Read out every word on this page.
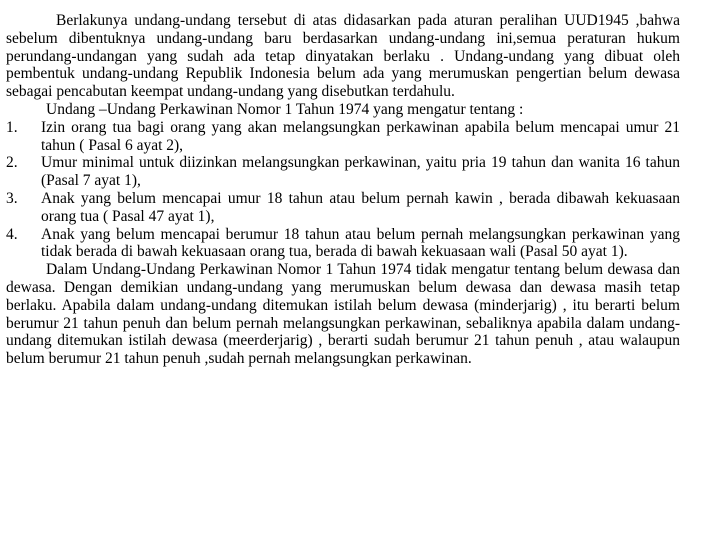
Berlakunya undang-undang tersebut di atas didasarkan pada aturan peralihan UUD1945 ,bahwa sebelum dibentuknya undang-undang baru berdasarkan undang-undang ini,semua peraturan hukum perundang-undangan yang sudah ada tetap dinyatakan berlaku . Undang-undang yang dibuat oleh pembentuk undang-undang Republik Indonesia belum ada yang merumuskan pengertian belum dewasa sebagai pencabutan keempat undang-undang yang disebutkan terdahulu.

Undang –Undang Perkawinan Nomor 1 Tahun 1974 yang mengatur tentang :

1. Izin orang tua bagi orang yang akan melangsungkan perkawinan apabila belum mencapai umur 21 tahun ( Pasal 6 ayat 2),
2. Umur minimal untuk diizinkan melangsungkan perkawinan, yaitu pria 19 tahun dan wanita 16 tahun (Pasal 7 ayat 1),
3. Anak yang belum mencapai umur 18 tahun atau belum pernah kawin , berada dibawah kekuasaan orang tua ( Pasal 47 ayat 1),
4. Anak yang belum mencapai berumur 18 tahun atau belum pernah melangsungkan perkawinan yang tidak berada di bawah kekuasaan orang tua, berada di bawah kekuasaan wali (Pasal 50 ayat 1).

Dalam Undang-Undang Perkawinan Nomor 1 Tahun 1974 tidak mengatur tentang belum dewasa dan dewasa. Dengan demikian undang-undang yang merumuskan belum dewasa dan dewasa masih tetap berlaku. Apabila dalam undang-undang ditemukan istilah belum dewasa (minderjarig) , itu berarti belum berumur 21 tahun penuh dan belum pernah melangsungkan perkawinan, sebaliknya apabila dalam undang-undang ditemukan istilah dewasa (meerderjarig) , berarti sudah berumur 21 tahun penuh , atau walaupun belum berumur 21 tahun penuh ,sudah pernah melangsungkan perkawinan.
